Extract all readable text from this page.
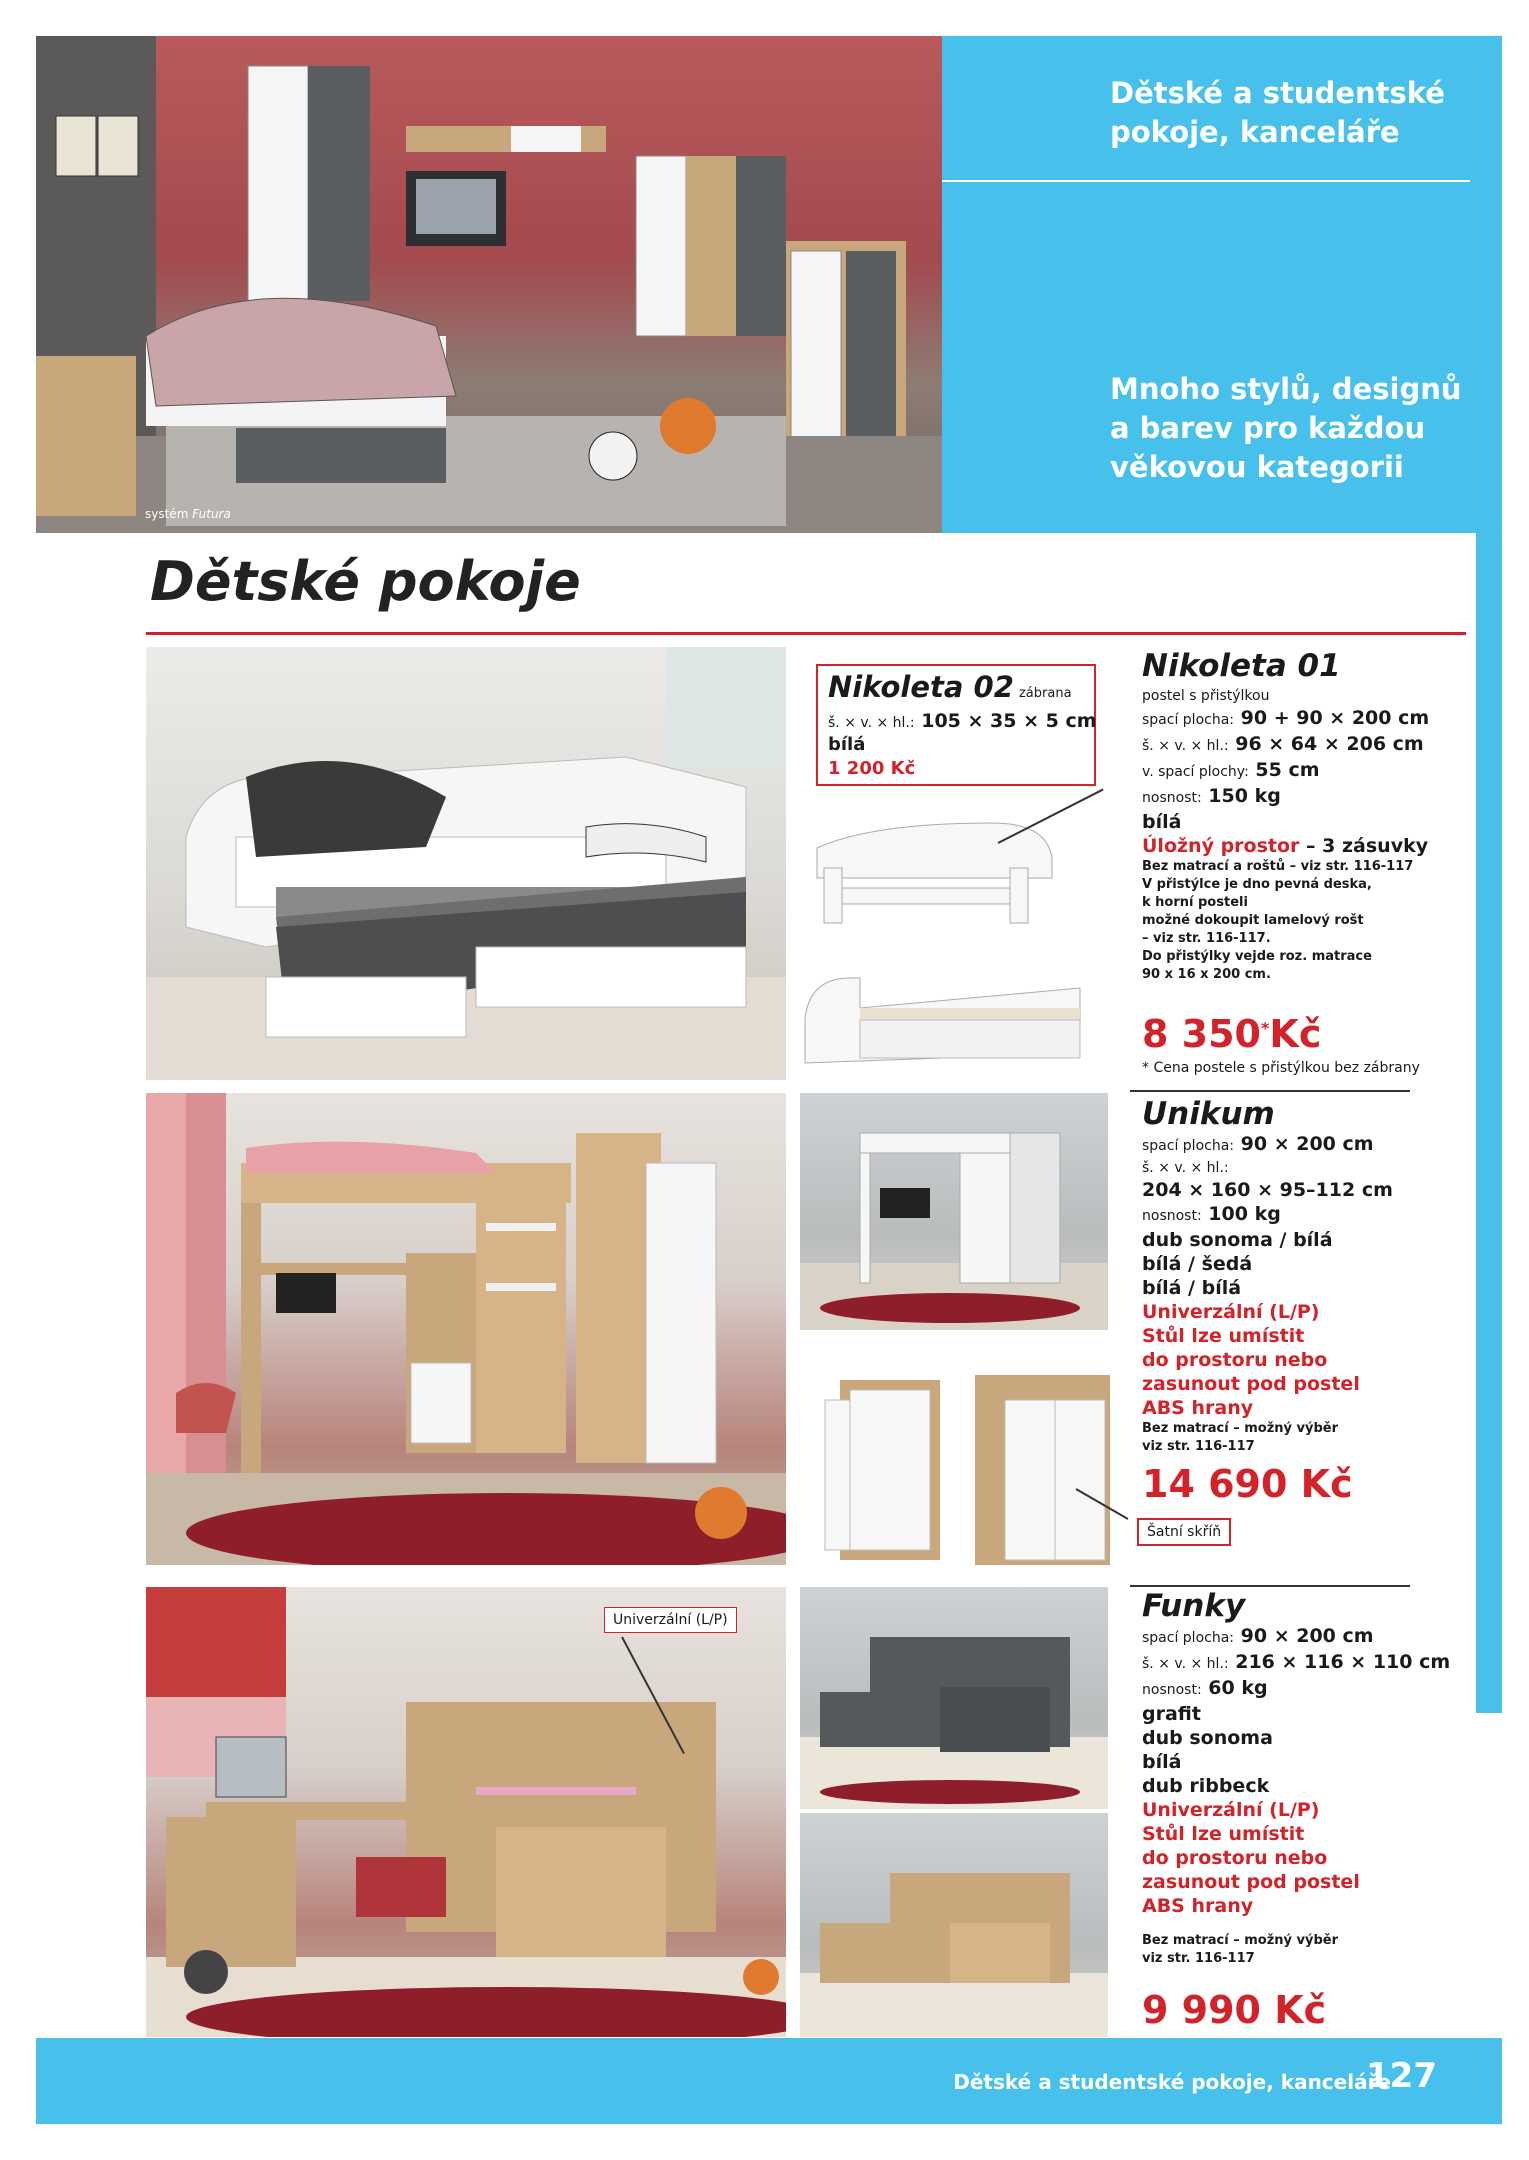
systém Futura
Dětské a studentské
pokoje, kanceláře
Mnoho stylů, designů
a barev pro každou
věkovou kategorii
Dětské pokoje
Nikoleta 02 zábrana
š. × v. × hl.: 105 × 35 × 5 cm
bílá
1 200 Kč
Nikoleta 01
postel s přistýlkou
spací plocha: 90 + 90 × 200 cm
š. × v. × hl.: 96 × 64 × 206 cm
v. spací plochy: 55 cm
nosnost: 150 kg
bílá
Úložný prostor – 3 zásuvky
Bez matrací a roštů – viz str. 116-117
V přistýlce je dno pevná deska,
k horní posteli
možné dokoupit lamelový rošt
– viz str. 116-117.
Do přistýlky vejde roz. matrace
90 x 16 x 200 cm.
8 350*Kč
* Cena postele s přistýlkou bez zábrany
Šatní skříň
Unikum
spací plocha: 90 × 200 cm
š. × v. × hl.:
204 × 160 × 95–112 cm
nosnost: 100 kg
dub sonoma / bílá
bílá / šedá
bílá / bílá
Univerzální (L/P)
Stůl lze umístit
do prostoru nebo
zasunout pod postel
ABS hrany
Bez matrací – možný výběr
viz str. 116-117
14 690 Kč
Univerzální (L/P)	Funky
spací plocha: 90 × 200 cm
š. × v. × hl.: 216 × 116 × 110 cm
nosnost: 60 kg
grafit
dub sonoma
bílá
dub ribbeck
Univerzální (L/P)
Stůl lze umístit
do prostoru nebo
zasunout pod postel
ABS hrany
Bez matrací – možný výběr
viz str. 116-117
9 990 Kč
Dětské a studentské pokoje, kanceláře
127
